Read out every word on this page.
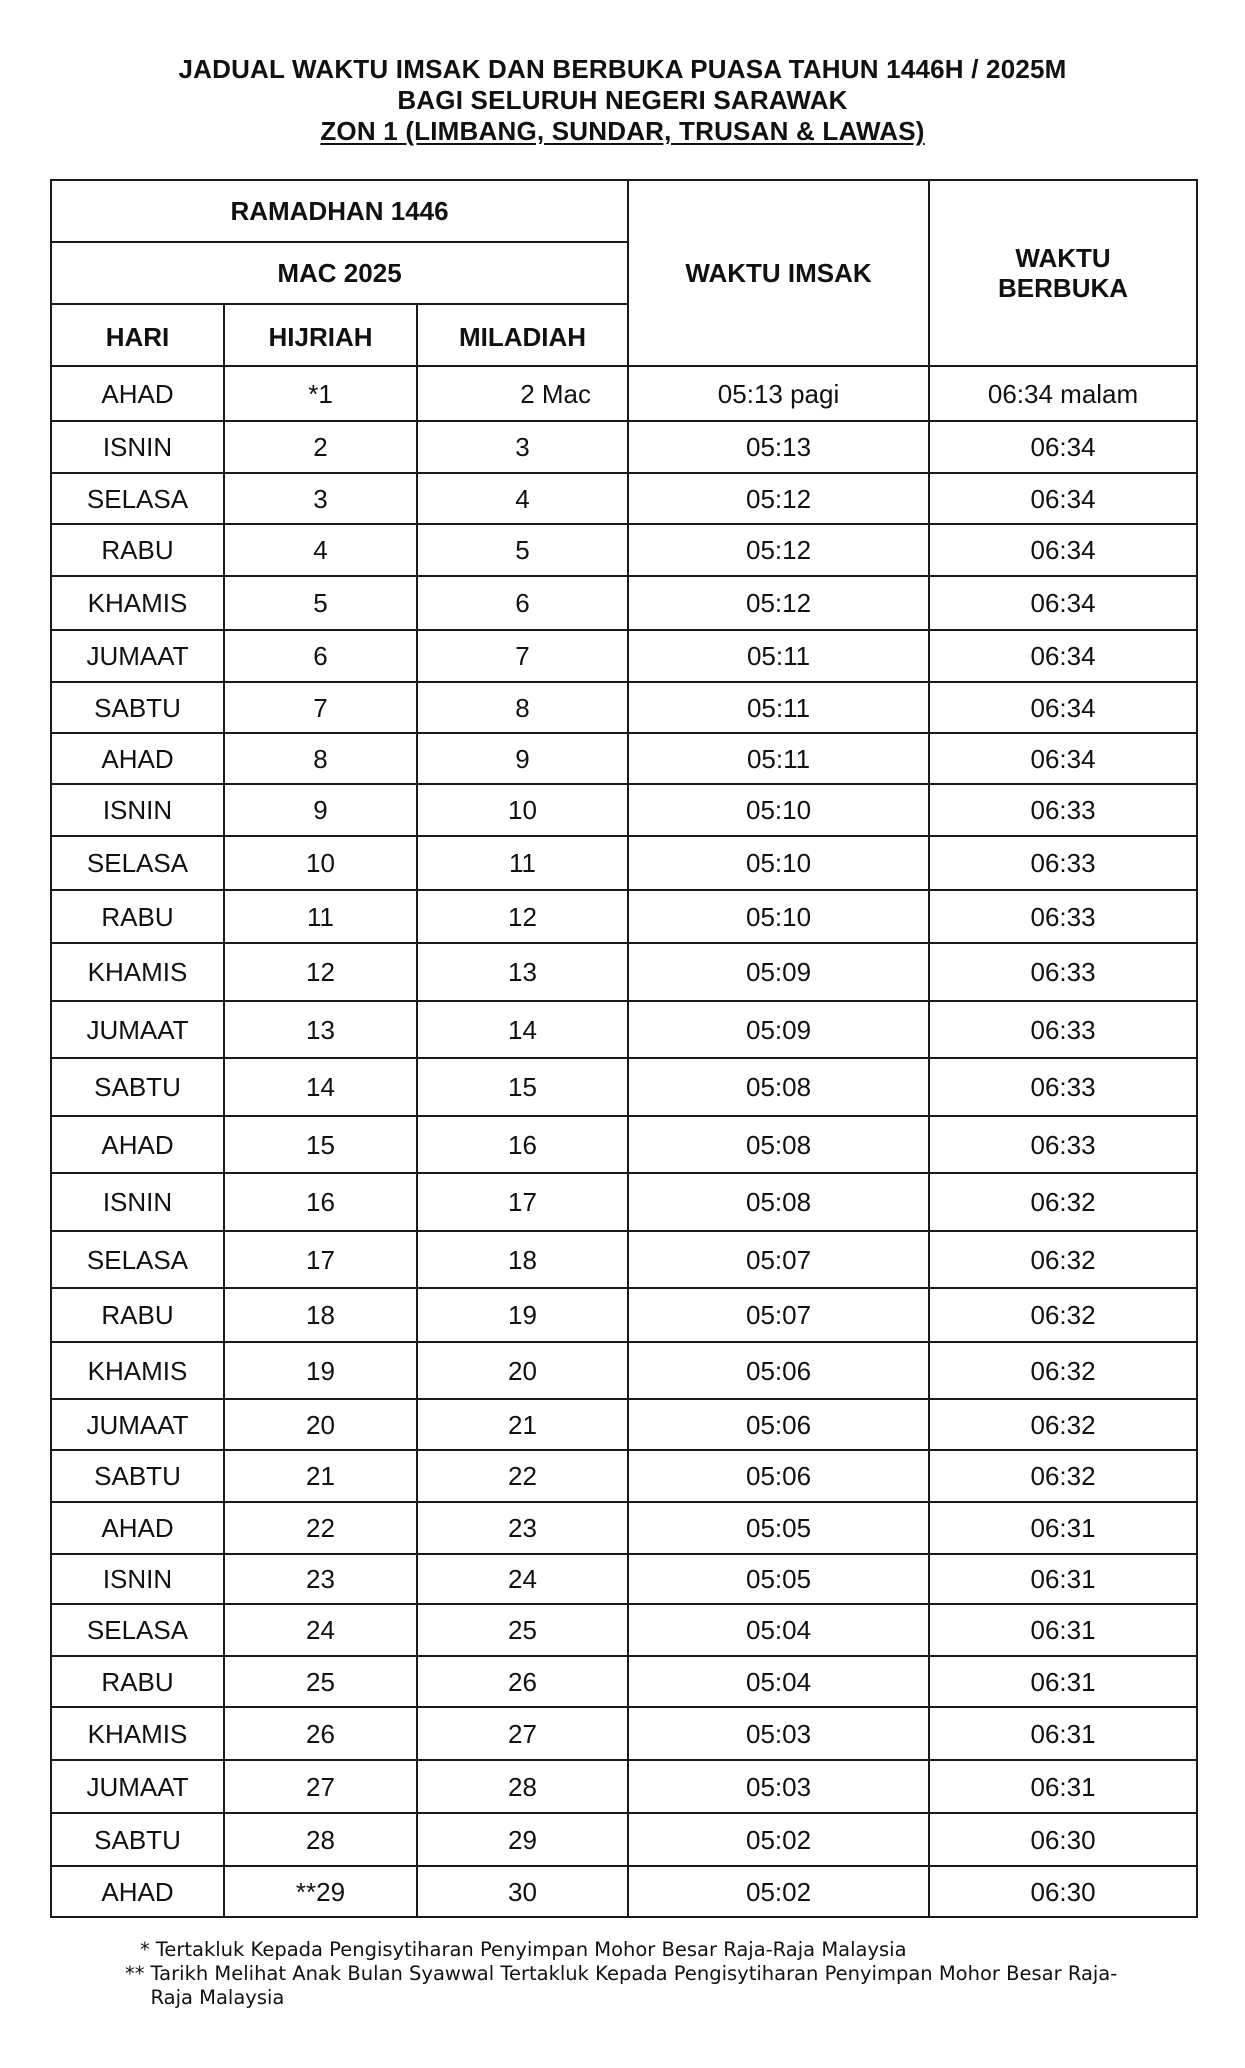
JADUAL WAKTU IMSAK DAN BERBUKA PUASA TAHUN 1446H / 2025M
BAGI SELURUH NEGERI SARAWAK
ZON 1 (LIMBANG, SUNDAR, TRUSAN & LAWAS)
RAMADHAN 1446			WAKTU IMSAK	WAKTU
BERBUKA
MAC 2025				
HARI	HIJRIAH	MILADIAH		
AHAD	*1	2 Mac	05:13 pagi	06:34 malam
ISNIN	2	3	05:13	06:34
SELASA	3	4	05:12	06:34
RABU	4	5	05:12	06:34
KHAMIS	5	6	05:12	06:34
JUMAAT	6	7	05:11	06:34
SABTU	7	8	05:11	06:34
AHAD	8	9	05:11	06:34
ISNIN	9	10	05:10	06:33
SELASA	10	11	05:10	06:33
RABU	11	12	05:10	06:33
KHAMIS	12	13	05:09	06:33
JUMAAT	13	14	05:09	06:33
SABTU	14	15	05:08	06:33
AHAD	15	16	05:08	06:33
ISNIN	16	17	05:08	06:32
SELASA	17	18	05:07	06:32
RABU	18	19	05:07	06:32
KHAMIS	19	20	05:06	06:32
JUMAAT	20	21	05:06	06:32
SABTU	21	22	05:06	06:32
AHAD	22	23	05:05	06:31
ISNIN	23	24	05:05	06:31
SELASA	24	25	05:04	06:31
RABU	25	26	05:04	06:31
KHAMIS	26	27	05:03	06:31
JUMAAT	27	28	05:03	06:31
SABTU	28	29	05:02	06:30
AHAD	**29	30	05:02	06:30
* Tertakluk Kepada Pengisytiharan Penyimpan Mohor Besar Raja-Raja Malaysia
** Tarikh Melihat Anak Bulan Syawwal Tertakluk Kepada Pengisytiharan Penyimpan Mohor Besar Raja-Raja Malaysia
